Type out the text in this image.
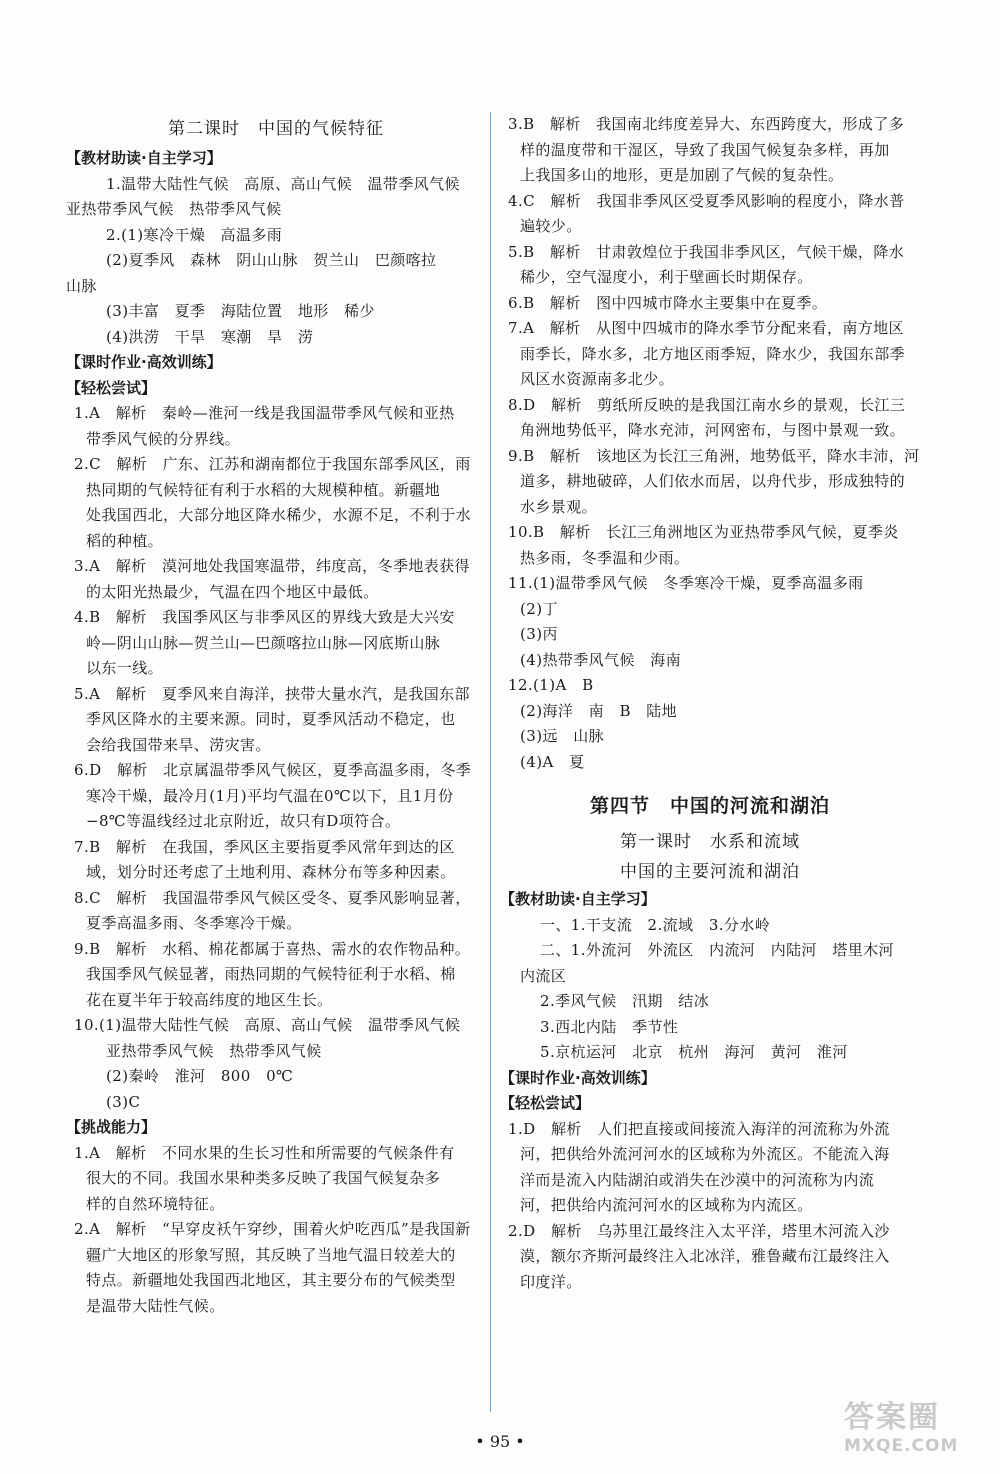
第二课时　中国的气候特征
【教材助读·自主学习】
1.温带大陆性气候　高原、高山气候　温带季风气候
亚热带季风气候　热带季风气候
2.(1)寒冷干燥　高温多雨
(2)夏季风　森林　阴山山脉　贺兰山　巴颜喀拉
山脉
(3)丰富　夏季　海陆位置　地形　稀少
(4)洪涝　干旱　寒潮　旱　涝
【课时作业·高效训练】
【轻松尝试】
1.A　解析　秦岭—淮河一线是我国温带季风气候和亚热
带季风气候的分界线。
2.C　解析　广东、江苏和湖南都位于我国东部季风区，雨
热同期的气候特征有利于水稻的大规模种植。新疆地
处我国西北，大部分地区降水稀少，水源不足，不利于水
稻的种植。
3.A　解析　漠河地处我国寒温带，纬度高，冬季地表获得
的太阳光热最少，气温在四个地区中最低。
4.B　解析　我国季风区与非季风区的界线大致是大兴安
岭—阴山山脉—贺兰山—巴颜喀拉山脉—冈底斯山脉
以东一线。
5.A　解析　夏季风来自海洋，挟带大量水汽，是我国东部
季风区降水的主要来源。同时，夏季风活动不稳定，也
会给我国带来旱、涝灾害。
6.D　解析　北京属温带季风气候区，夏季高温多雨，冬季
寒冷干燥，最冷月(1月)平均气温在0℃以下，且1月份
−8℃等温线经过北京附近，故只有D项符合。
7.B　解析　在我国，季风区主要指夏季风常年到达的区
域，划分时还考虑了土地利用、森林分布等多种因素。
8.C　解析　我国温带季风气候区受冬、夏季风影响显著，
夏季高温多雨、冬季寒冷干燥。
9.B　解析　水稻、棉花都属于喜热、需水的农作物品种。
我国季风气候显著，雨热同期的气候特征利于水稻、棉
花在夏半年于较高纬度的地区生长。
10.(1)温带大陆性气候　高原、高山气候　温带季风气候
亚热带季风气候　热带季风气候
(2)秦岭　淮河　800　0℃
(3)C
【挑战能力】
1.A　解析　不同水果的生长习性和所需要的气候条件有
很大的不同。我国水果种类多反映了我国气候复杂多
样的自然环境特征。
2.A　解析　“早穿皮袄午穿纱，围着火炉吃西瓜”是我国新
疆广大地区的形象写照，其反映了当地气温日较差大的
特点。新疆地处我国西北地区，其主要分布的气候类型
是温带大陆性气候。
3.B　解析　我国南北纬度差异大、东西跨度大，形成了多
样的温度带和干湿区，导致了我国气候复杂多样，再加
上我国多山的地形，更是加剧了气候的复杂性。
4.C　解析　我国非季风区受夏季风影响的程度小，降水普
遍较少。
5.B　解析　甘肃敦煌位于我国非季风区，气候干燥，降水
稀少，空气湿度小，利于壁画长时期保存。
6.B　解析　图中四城市降水主要集中在夏季。
7.A　解析　从图中四城市的降水季节分配来看，南方地区
雨季长，降水多，北方地区雨季短，降水少，我国东部季
风区水资源南多北少。
8.D　解析　剪纸所反映的是我国江南水乡的景观，长江三
角洲地势低平，降水充沛，河网密布，与图中景观一致。
9.B　解析　该地区为长江三角洲，地势低平，降水丰沛，河
道多，耕地破碎，人们依水而居，以舟代步，形成独特的
水乡景观。
10.B　解析　长江三角洲地区为亚热带季风气候，夏季炎
热多雨，冬季温和少雨。
11.(1)温带季风气候　冬季寒冷干燥，夏季高温多雨
(2)丁
(3)丙
(4)热带季风气候　海南
12.(1)A　B
(2)海洋　南　B　陆地
(3)远　山脉
(4)A　夏
第四节　中国的河流和湖泊
第一课时　水系和流域
中国的主要河流和湖泊
【教材助读·自主学习】
一、1.干支流　2.流域　3.分水岭
二、1.外流河　外流区　内流河　内陆河　塔里木河
内流区
2.季风气候　汛期　结冰
3.西北内陆　季节性
5.京杭运河　北京　杭州　海河　黄河　淮河
【课时作业·高效训练】
【轻松尝试】
1.D　解析　人们把直接或间接流入海洋的河流称为外流
河，把供给外流河河水的区域称为外流区。不能流入海
洋而是流入内陆湖泊或消失在沙漠中的河流称为内流
河，把供给内流河河水的区域称为内流区。
2.D　解析　乌苏里江最终注入太平洋，塔里木河流入沙
漠，额尔齐斯河最终注入北冰洋，雅鲁藏布江最终注入
印度洋。
• 95 •
答案圈
MXQE.COM
